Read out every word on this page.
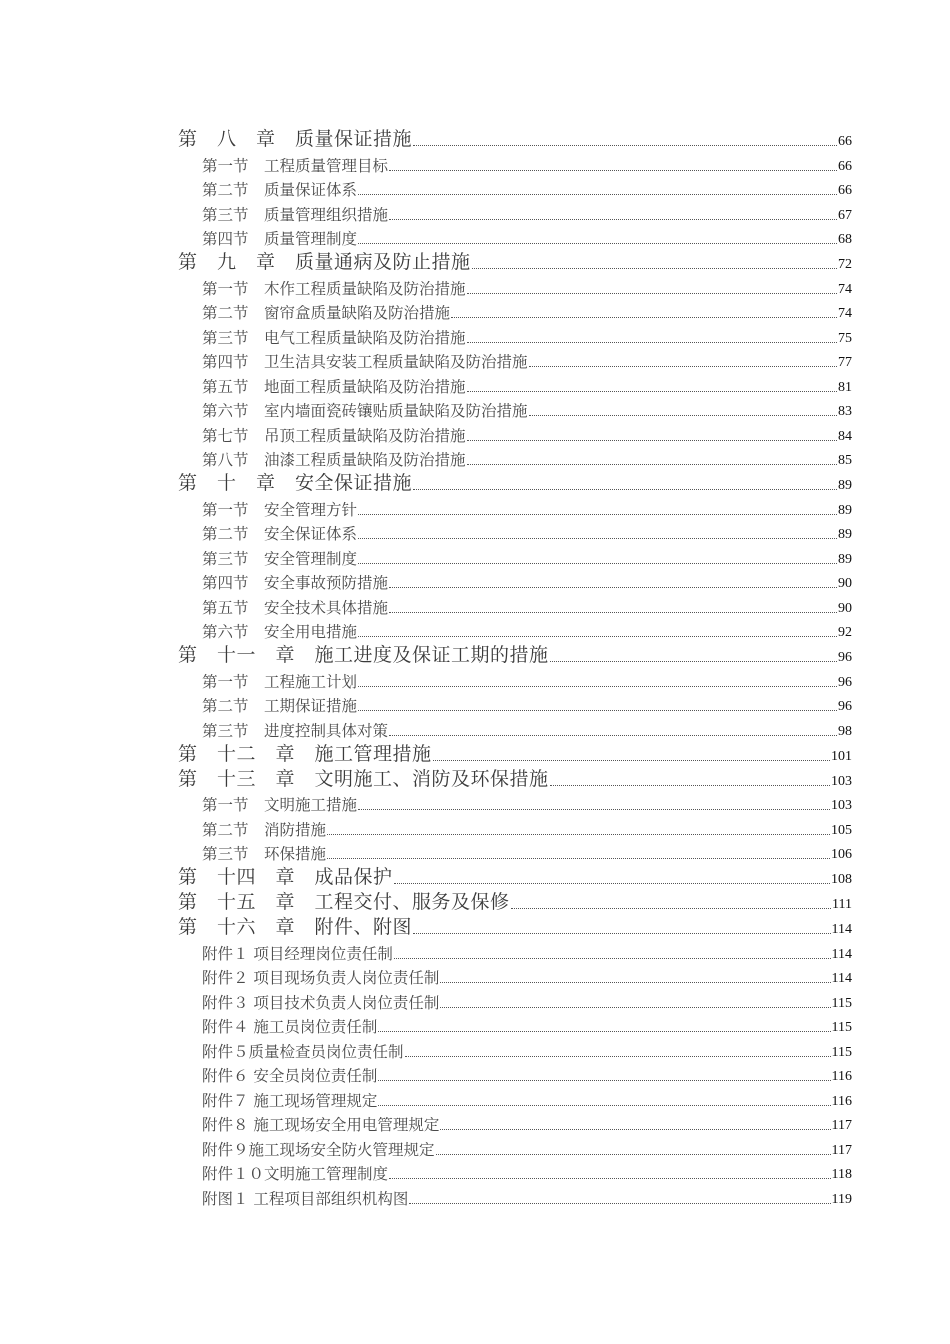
第　八　章　质量保证措施	66
第一节　工程质量管理目标	66
第二节　质量保证体系	66
第三节　质量管理组织措施	67
第四节　质量管理制度	68
第　九　章　质量通病及防止措施	72
第一节　木作工程质量缺陷及防治措施	74
第二节　窗帘盒质量缺陷及防治措施	74
第三节　电气工程质量缺陷及防治措施	75
第四节　卫生洁具安装工程质量缺陷及防治措施	77
第五节　地面工程质量缺陷及防治措施	81
第六节　室内墙面瓷砖镶贴质量缺陷及防治措施	83
第七节　吊顶工程质量缺陷及防治措施	84
第八节　油漆工程质量缺陷及防治措施	85
第　十　章　安全保证措施	89
第一节　安全管理方针	89
第二节　安全保证体系	89
第三节　安全管理制度	89
第四节　安全事故预防措施	90
第五节　安全技术具体措施	90
第六节　安全用电措施	92
第　十一　章　施工进度及保证工期的措施	96
第一节　工程施工计划	96
第二节　工期保证措施	96
第三节　进度控制具体对策	98
第　十二　章　施工管理措施	101
第　十三　章　文明施工、消防及环保措施	103
第一节　文明施工措施	103
第二节　消防措施	105
第三节　环保措施	106
第　十四　章　成品保护	108
第　十五　章　工程交付、服务及保修	111
第　十六　章　附件、附图	114
附件１ 项目经理岗位责任制	114
附件２ 项目现场负责人岗位责任制	114
附件３ 项目技术负责人岗位责任制	115
附件４ 施工员岗位责任制	115
附件５质量检查员岗位责任制	115
附件６ 安全员岗位责任制	116
附件７ 施工现场管理规定	116
附件８ 施工现场安全用电管理规定	117
附件９施工现场安全防火管理规定	117
附件１０文明施工管理制度	118
附图１ 工程项目部组织机构图	119
